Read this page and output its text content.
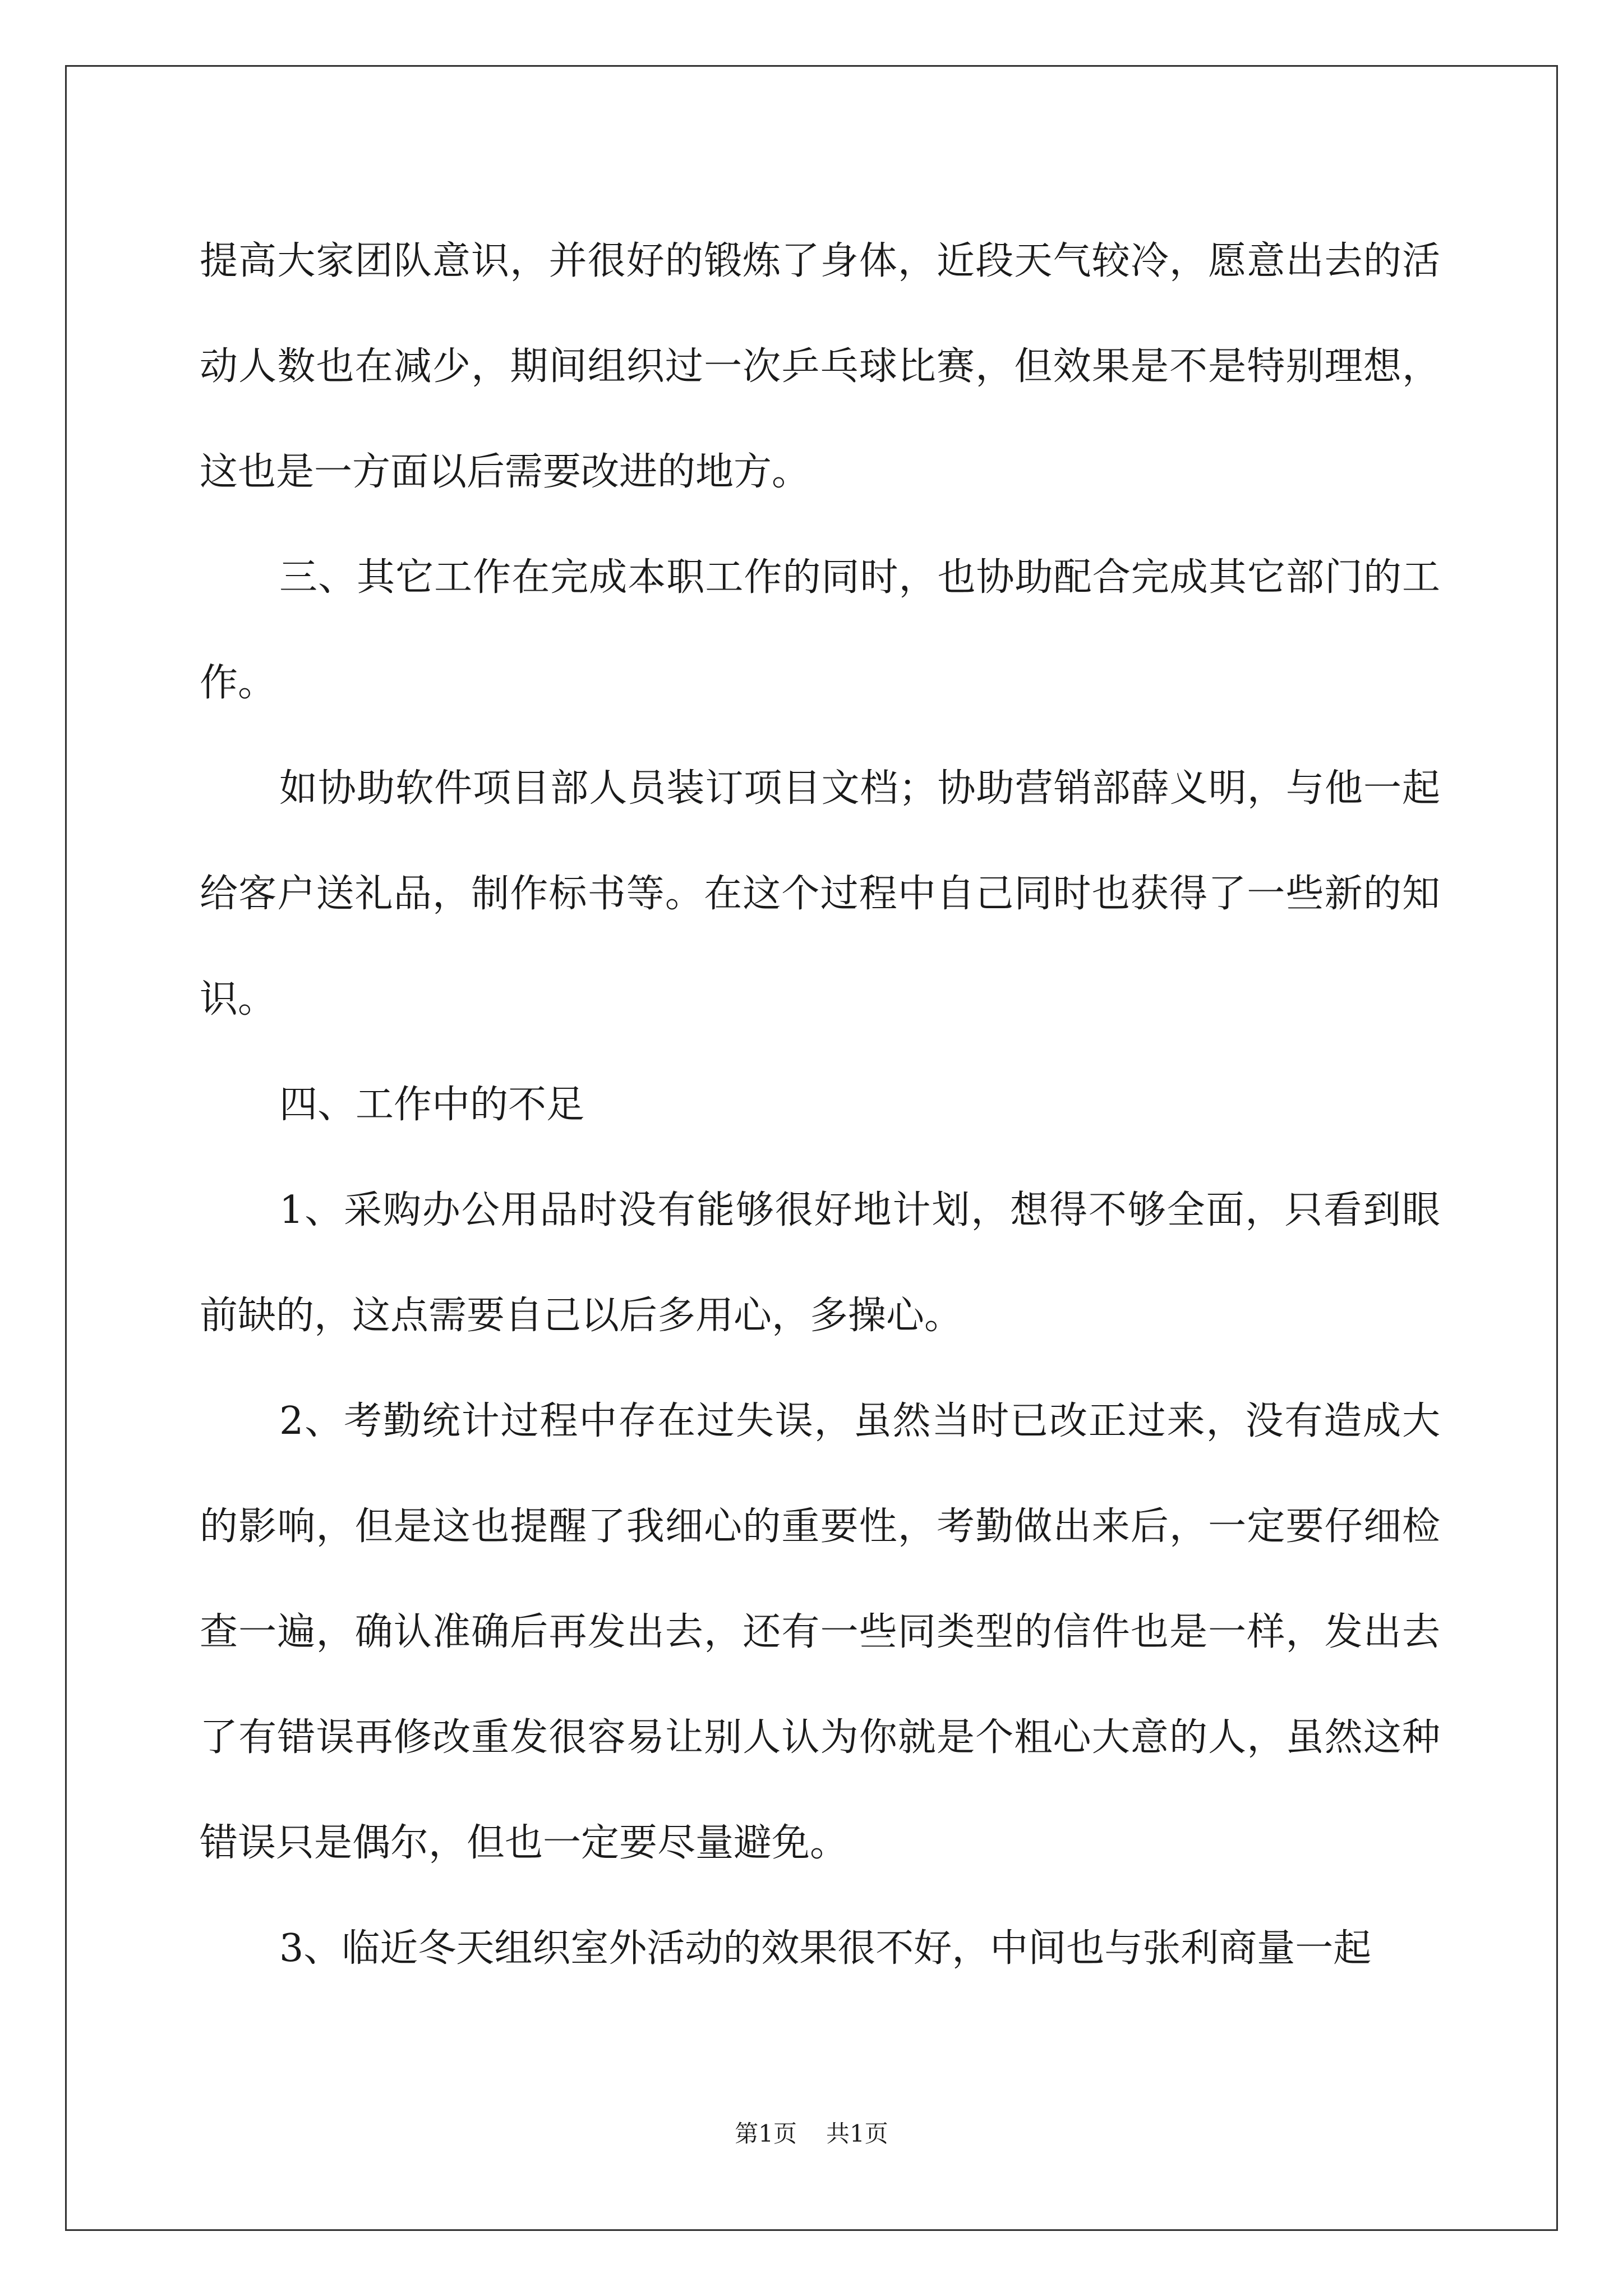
提高大家团队意识，并很好的锻炼了身体，近段天气较冷，愿意出去的活动人数也在减少，期间组织过一次乒乓球比赛，但效果是不是特别理想，这也是一方面以后需要改进的地方。

三、其它工作在完成本职工作的同时，也协助配合完成其它部门的工作。

如协助软件项目部人员装订项目文档；协助营销部薛义明，与他一起给客户送礼品，制作标书等。在这个过程中自己同时也获得了一些新的知识。

四、工作中的不足

1、采购办公用品时没有能够很好地计划，想得不够全面，只看到眼前缺的，这点需要自己以后多用心，多操心。

2、考勤统计过程中存在过失误，虽然当时已改正过来，没有造成大的影响，但是这也提醒了我细心的重要性，考勤做出来后，一定要仔细检查一遍，确认准确后再发出去，还有一些同类型的信件也是一样，发出去了有错误再修改重发很容易让别人认为你就是个粗心大意的人，虽然这种错误只是偶尔，但也一定要尽量避免。

3、临近冬天组织室外活动的效果很不好，中间也与张利商量一起

第1页 共1页
